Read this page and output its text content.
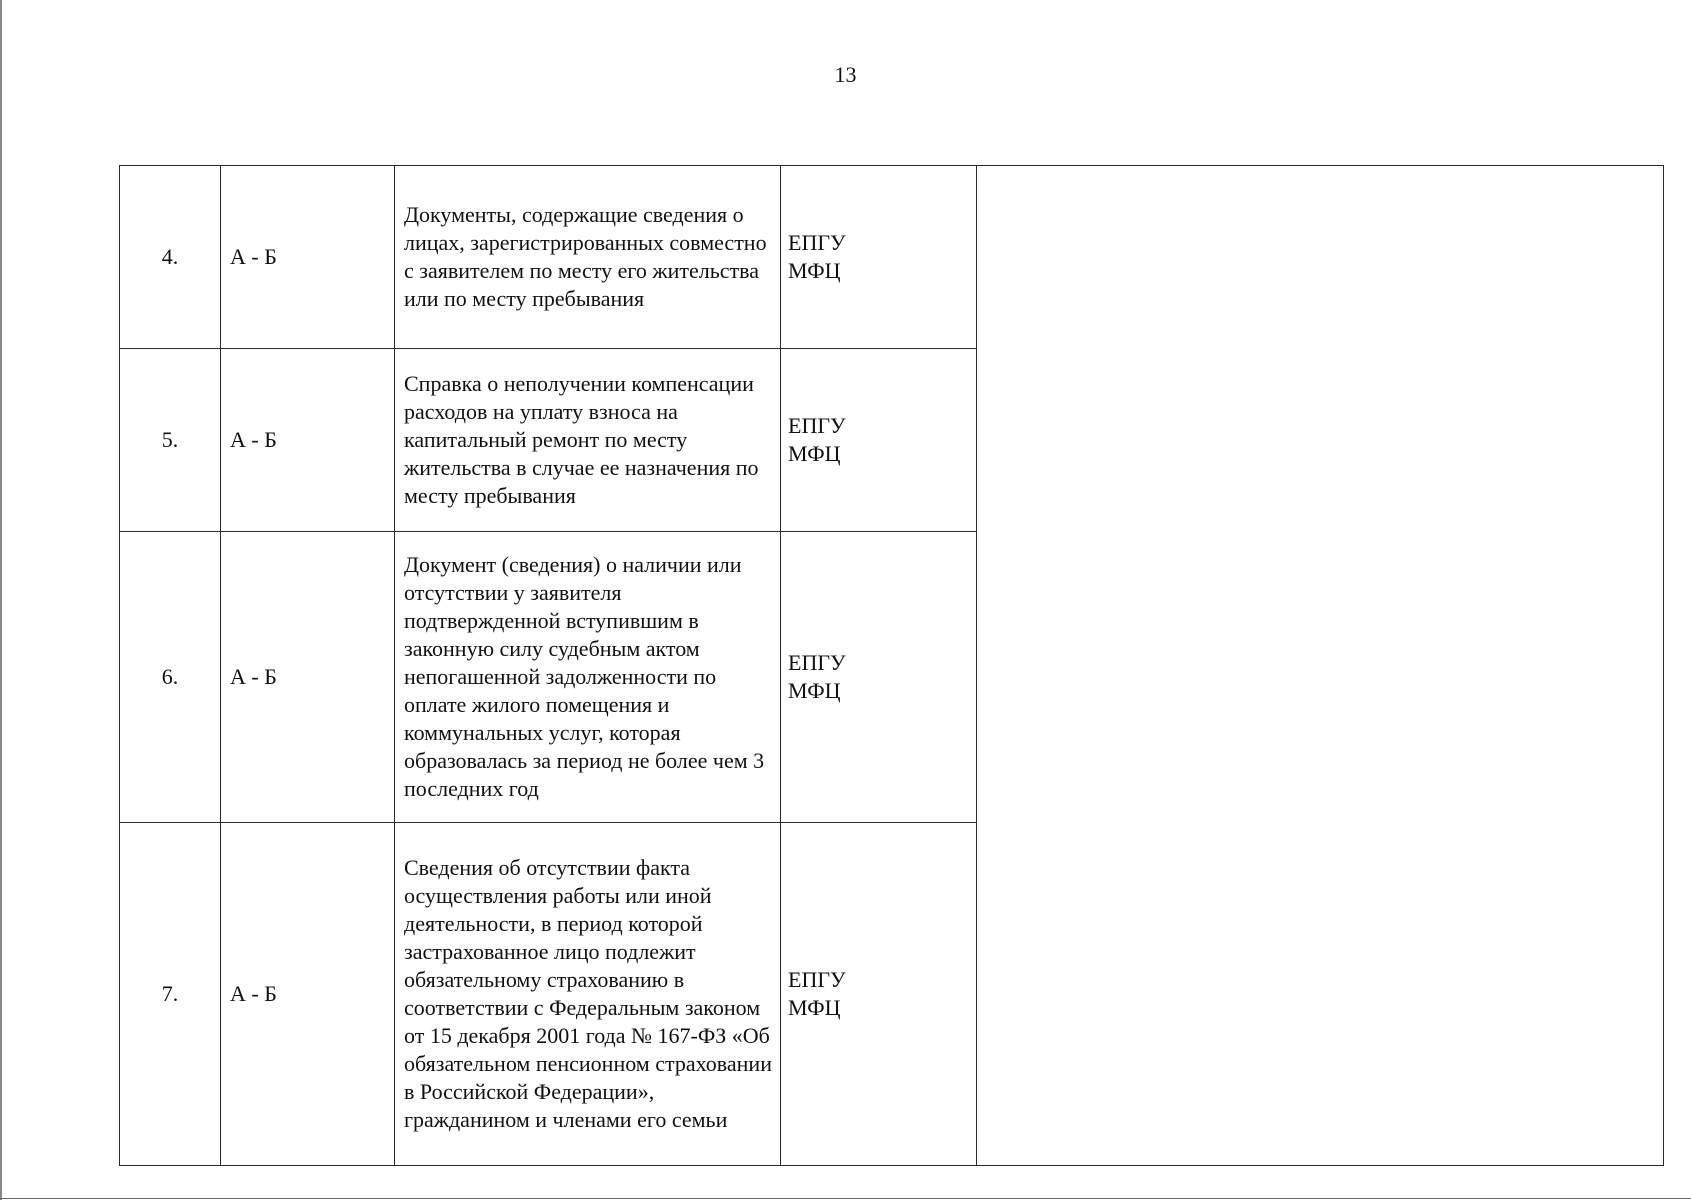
13
4.	А - Б	Документы, содержащие сведения о лицах, зарегистрированных совместно с заявителем по месту его жительства или по месту пребывания	ЕПГУ
МФЦ	

5.	А - Б	Справка о неполучении компенсации расходов на уплату взноса на капитальный ремонт по месту жительства в случае ее назначения по месту пребывания	ЕПГУ
МФЦ	

6.	А - Б	Документ (сведения) о наличии или отсутствии у заявителя подтвержденной вступившим в законную силу судебным актом непогашенной задолженности по оплате жилого помещения и коммунальных услуг, которая образовалась за период не более чем 3 последних год	ЕПГУ
МФЦ	

7.	А - Б	Сведения об отсутствии факта осуществления работы или иной деятельности, в период которой застрахованное лицо подлежит обязательному страхованию в соответствии с Федеральным законом от 15 декабря 2001 года № 167-ФЗ «Об обязательном пенсионном страховании в Российской Федерации», гражданином и членами его семьи	ЕПГУ
МФЦ	
